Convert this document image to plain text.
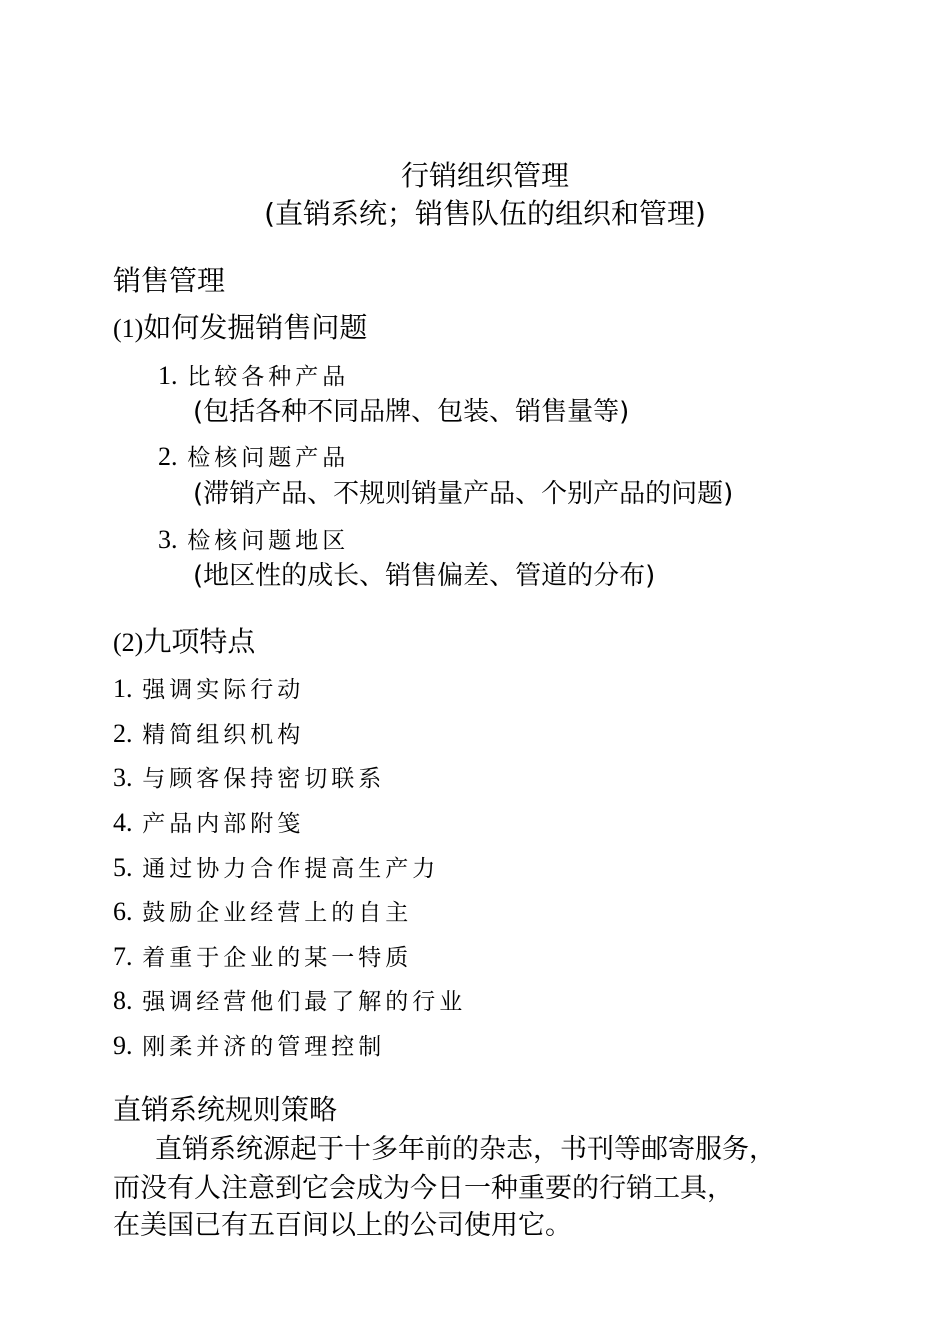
行销组织管理
(直销系统；销售队伍的组织和管理)
销售管理
(1)如何发掘销售问题
1. 比较各种产品
(包括各种不同品牌、包装、销售量等)
2. 检核问题产品
(滞销产品、不规则销量产品、个别产品的问题)
3. 检核问题地区
(地区性的成长、销售偏差、管道的分布)
(2)九项特点
1. 强调实际行动
2. 精简组织机构
3. 与顾客保持密切联系
4. 产品内部附笺
5. 通过协力合作提高生产力
6. 鼓励企业经营上的自主
7. 着重于企业的某一特质
8. 强调经营他们最了解的行业
9. 刚柔并济的管理控制
直销系统规则策略
直销系统源起于十多年前的杂志，书刊等邮寄服务，
而没有人注意到它会成为今日一种重要的行销工具，
在美国已有五百间以上的公司使用它。
